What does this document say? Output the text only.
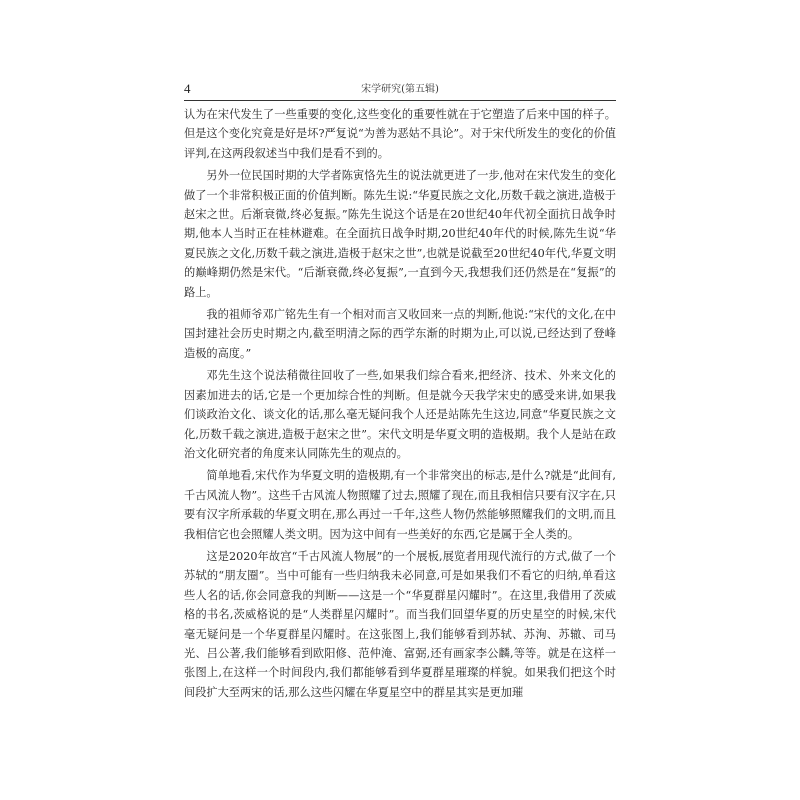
4	宋学研究(第五辑)

认为在宋代发生了一些重要的变化,这些变化的重要性就在于它塑造了后来中国的样子。但是这个变化究竟是好是坏?严复说“为善为恶姑不具论”。对于宋代所发生的变化的价值评判,在这两段叙述当中我们是看不到的。

另外一位民国时期的大学者陈寅恪先生的说法就更进了一步,他对在宋代发生的变化做了一个非常积极正面的价值判断。陈先生说:“华夏民族之文化,历数千载之演进,造极于赵宋之世。后渐衰微,终必复振。”陈先生说这个话是在20世纪40年代初全面抗日战争时期,他本人当时正在桂林避难。在全面抗日战争时期,20世纪40年代的时候,陈先生说“华夏民族之文化,历数千载之演进,造极于赵宋之世”,也就是说截至20世纪40年代,华夏文明的巅峰期仍然是宋代。“后渐衰微,终必复振”,一直到今天,我想我们还仍然是在“复振”的路上。

我的祖师爷邓广铭先生有一个相对而言又收回来一点的判断,他说:“宋代的文化,在中国封建社会历史时期之内,截至明清之际的西学东渐的时期为止,可以说,已经达到了登峰造极的高度。”

邓先生这个说法稍微往回收了一些,如果我们综合看来,把经济、技术、外来文化的因素加进去的话,它是一个更加综合性的判断。但是就今天我学宋史的感受来讲,如果我们谈政治文化、谈文化的话,那么毫无疑问我个人还是站陈先生这边,同意“华夏民族之文化,历数千载之演进,造极于赵宋之世”。宋代文明是华夏文明的造极期。我个人是站在政治文化研究者的角度来认同陈先生的观点的。

简单地看,宋代作为华夏文明的造极期,有一个非常突出的标志,是什么?就是“此间有,千古风流人物”。这些千古风流人物照耀了过去,照耀了现在,而且我相信只要有汉字在,只要有汉字所承载的华夏文明在,那么再过一千年,这些人物仍然能够照耀我们的文明,而且我相信它也会照耀人类文明。因为这中间有一些美好的东西,它是属于全人类的。

这是2020年故宫“千古风流人物展”的一个展板,展览者用现代流行的方式,做了一个苏轼的“朋友圈”。当中可能有一些归纳我未必同意,可是如果我们不看它的归纳,单看这些人名的话,你会同意我的判断——这是一个“华夏群星闪耀时”。在这里,我借用了茨威格的书名,茨威格说的是“人类群星闪耀时”。而当我们回望华夏的历史星空的时候,宋代毫无疑问是一个华夏群星闪耀时。在这张图上,我们能够看到苏轼、苏洵、苏辙、司马光、吕公著,我们能够看到欧阳修、范仲淹、富弼,还有画家李公麟,等等。就是在这样一张图上,在这样一个时间段内,我们都能够看到华夏群星璀璨的样貌。如果我们把这个时间段扩大至两宋的话,那么这些闪耀在华夏星空中的群星其实是更加璀
